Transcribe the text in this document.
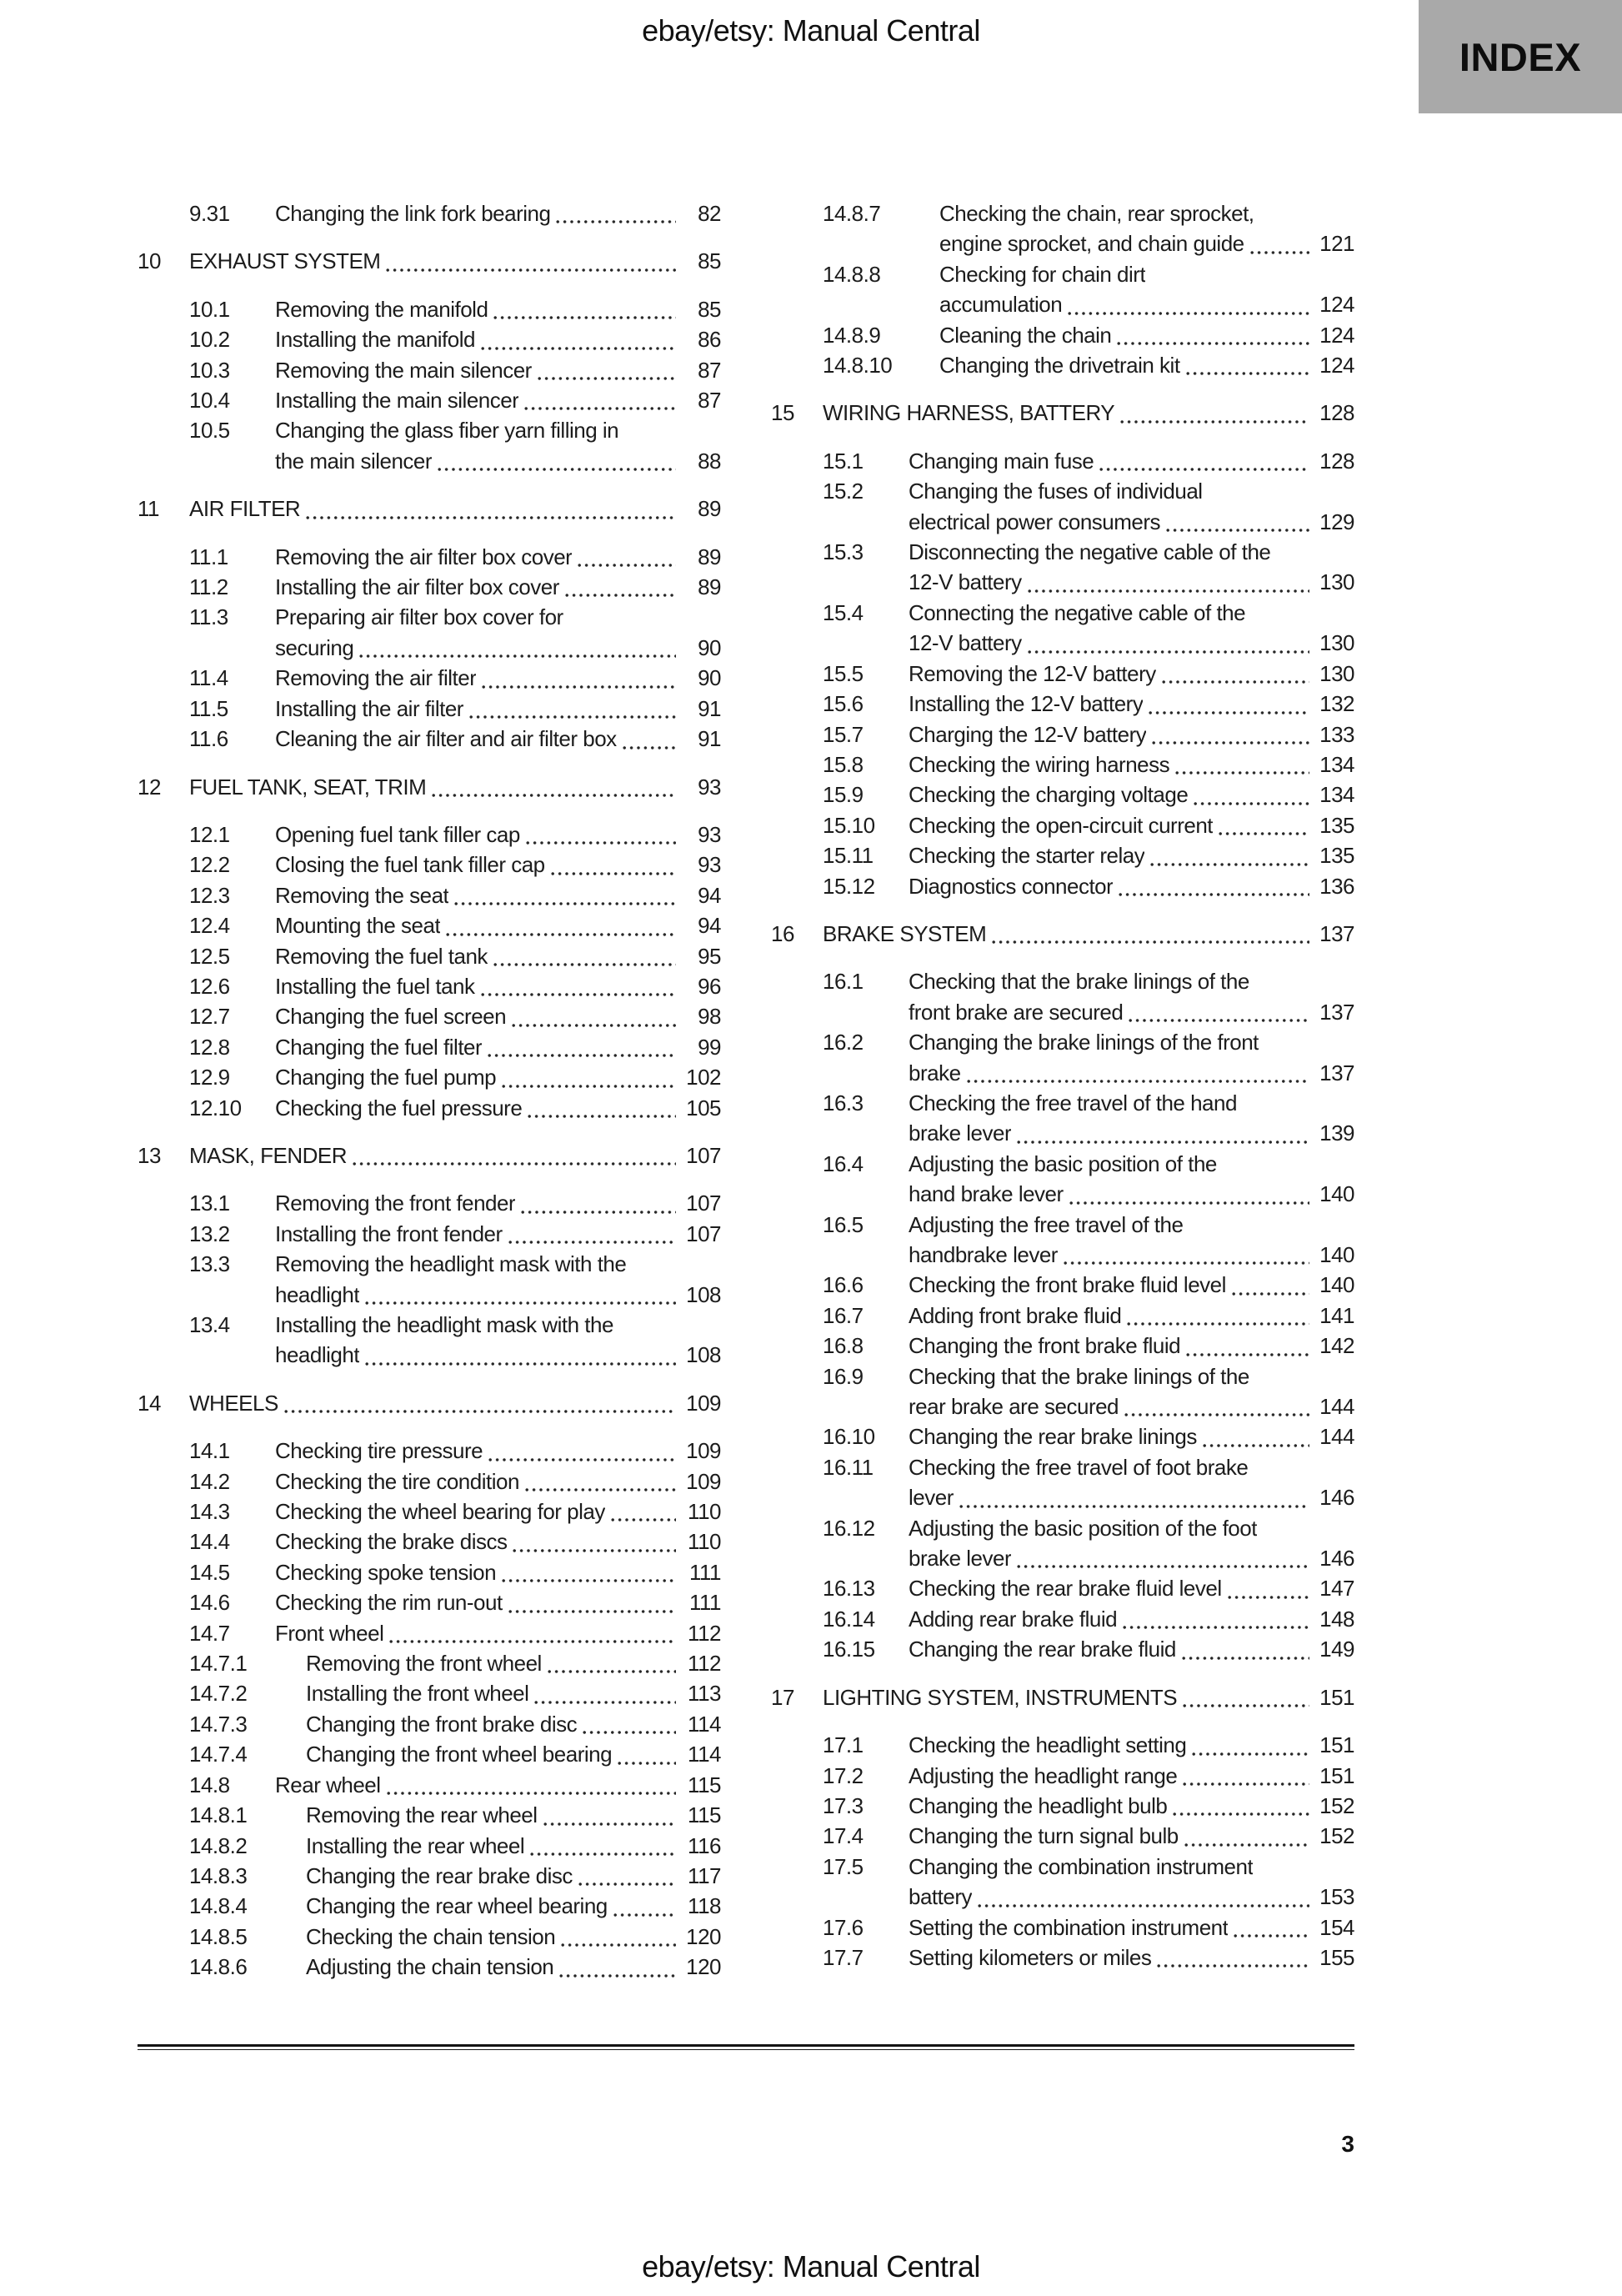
ebay/etsy: Manual Central
INDEX
9.31	Changing the link fork bearing	82
10	EXHAUST SYSTEM	85
10.1	Removing the manifold	85
10.2	Installing the manifold	86
10.3	Removing the main silencer	87
10.4	Installing the main silencer	87
10.5	Changing the glass fiber yarn filling in
the main silencer	88
11	AIR FILTER	89
11.1	Removing the air filter box cover	89
11.2	Installing the air filter box cover	89
11.3	Preparing air filter box cover for
securing	90
11.4	Removing the air filter	90
11.5	Installing the air filter	91
11.6	Cleaning the air filter and air filter box	91
12	FUEL TANK, SEAT, TRIM	93
12.1	Opening fuel tank filler cap	93
12.2	Closing the fuel tank filler cap	93
12.3	Removing the seat	94
12.4	Mounting the seat	94
12.5	Removing the fuel tank	95
12.6	Installing the fuel tank	96
12.7	Changing the fuel screen	98
12.8	Changing the fuel filter	99
12.9	Changing the fuel pump	102
12.10	Checking the fuel pressure	105
13	MASK, FENDER	107
13.1	Removing the front fender	107
13.2	Installing the front fender	107
13.3	Removing the headlight mask with the
headlight	108
13.4	Installing the headlight mask with the
headlight	108
14	WHEELS	109
14.1	Checking tire pressure	109
14.2	Checking the tire condition	109
14.3	Checking the wheel bearing for play	110
14.4	Checking the brake discs	110
14.5	Checking spoke tension	111
14.6	Checking the rim run-out	111
14.7	Front wheel	112
14.7.1	Removing the front wheel	112
14.7.2	Installing the front wheel	113
14.7.3	Changing the front brake disc	114
14.7.4	Changing the front wheel bearing	114
14.8	Rear wheel	115
14.8.1	Removing the rear wheel	115
14.8.2	Installing the rear wheel	116
14.8.3	Changing the rear brake disc	117
14.8.4	Changing the rear wheel bearing	118
14.8.5	Checking the chain tension	120
14.8.6	Adjusting the chain tension	120
14.8.7	Checking the chain, rear sprocket,
engine sprocket, and chain guide	121
14.8.8	Checking for chain dirt
accumulation	124
14.8.9	Cleaning the chain	124
14.8.10	Changing the drivetrain kit	124
15	WIRING HARNESS, BATTERY	128
15.1	Changing main fuse	128
15.2	Changing the fuses of individual
electrical power consumers	129
15.3	Disconnecting the negative cable of the
12-V battery	130
15.4	Connecting the negative cable of the
12-V battery	130
15.5	Removing the 12-V battery	130
15.6	Installing the 12-V battery	132
15.7	Charging the 12-V battery	133
15.8	Checking the wiring harness	134
15.9	Checking the charging voltage	134
15.10	Checking the open-circuit current	135
15.11	Checking the starter relay	135
15.12	Diagnostics connector	136
16	BRAKE SYSTEM	137
16.1	Checking that the brake linings of the
front brake are secured	137
16.2	Changing the brake linings of the front
brake	137
16.3	Checking the free travel of the hand
brake lever	139
16.4	Adjusting the basic position of the
hand brake lever	140
16.5	Adjusting the free travel of the
handbrake lever	140
16.6	Checking the front brake fluid level	140
16.7	Adding front brake fluid	141
16.8	Changing the front brake fluid	142
16.9	Checking that the brake linings of the
rear brake are secured	144
16.10	Changing the rear brake linings	144
16.11	Checking the free travel of foot brake
lever	146
16.12	Adjusting the basic position of the foot
brake lever	146
16.13	Checking the rear brake fluid level	147
16.14	Adding rear brake fluid	148
16.15	Changing the rear brake fluid	149
17	LIGHTING SYSTEM, INSTRUMENTS	151
17.1	Checking the headlight setting	151
17.2	Adjusting the headlight range	151
17.3	Changing the headlight bulb	152
17.4	Changing the turn signal bulb	152
17.5	Changing the combination instrument
battery	153
17.6	Setting the combination instrument	154
17.7	Setting kilometers or miles	155
3
ebay/etsy: Manual Central
